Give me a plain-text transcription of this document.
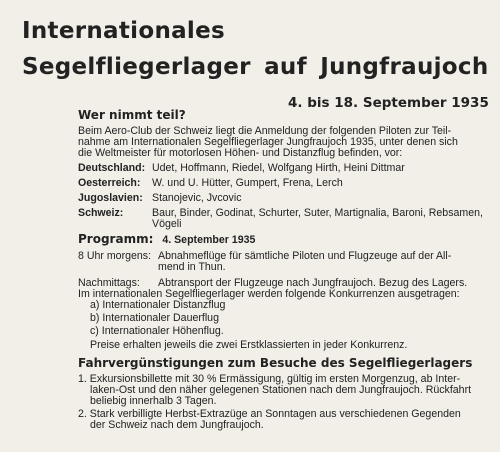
Internationales
Segelfliegerlager auf Jungfraujoch
4. bis 18. September 1935
Wer nimmt teil?
Beim Aero-Club der Schweiz liegt die Anmeldung der folgenden Piloten zur Teil-
nahme am Internationalen Segelfliegerlager Jungfraujoch 1935, unter denen sich
die Weltmeister für motorlosen Höhen- und Distanzflug befinden, vor:
Deutschland: Udet, Hoffmann, Riedel, Wolfgang Hirth, Heini Dittmar
Oesterreich: W. und U. Hütter, Gumpert, Frena, Lerch
Jugoslavien: Stanojevic, Jvcovic
Schweiz:	Baur, Binder, Godinat, Schurter, Suter, Martignalia, Baroni, Rebsamen,
Vögeli
Programm: 4. September 1935
8 Uhr morgens: Abnahmeflüge für sämtliche Piloten und Flugzeuge auf der All-
mend in Thun.
Nachmittags: Abtransport der Flugzeuge nach Jungfraujoch. Bezug des Lagers.
Im internationalen Segelfliegerlager werden folgende Konkurrenzen ausgetragen:
a) Internationaler Distanzflug
b) Internationaler Dauerflug
c) Internationaler Höhenflug.
Preise erhalten jeweils die zwei Erstklassierten in jeder Konkurrenz.
Fahrvergünstigungen zum Besuche des Segelfliegerlagers
1. Exkursionsbillette mit 30 % Ermässigung, gültig im ersten Morgenzug, ab Inter-
laken-Ost und den näher gelegenen Stationen nach dem Jungfraujoch. Rückfahrt
beliebig innerhalb 3 Tagen.
2. Stark verbilligte Herbst-Extrazüge an Sonntagen aus verschiedenen Gegenden
der Schweiz nach dem Jungfraujoch.
